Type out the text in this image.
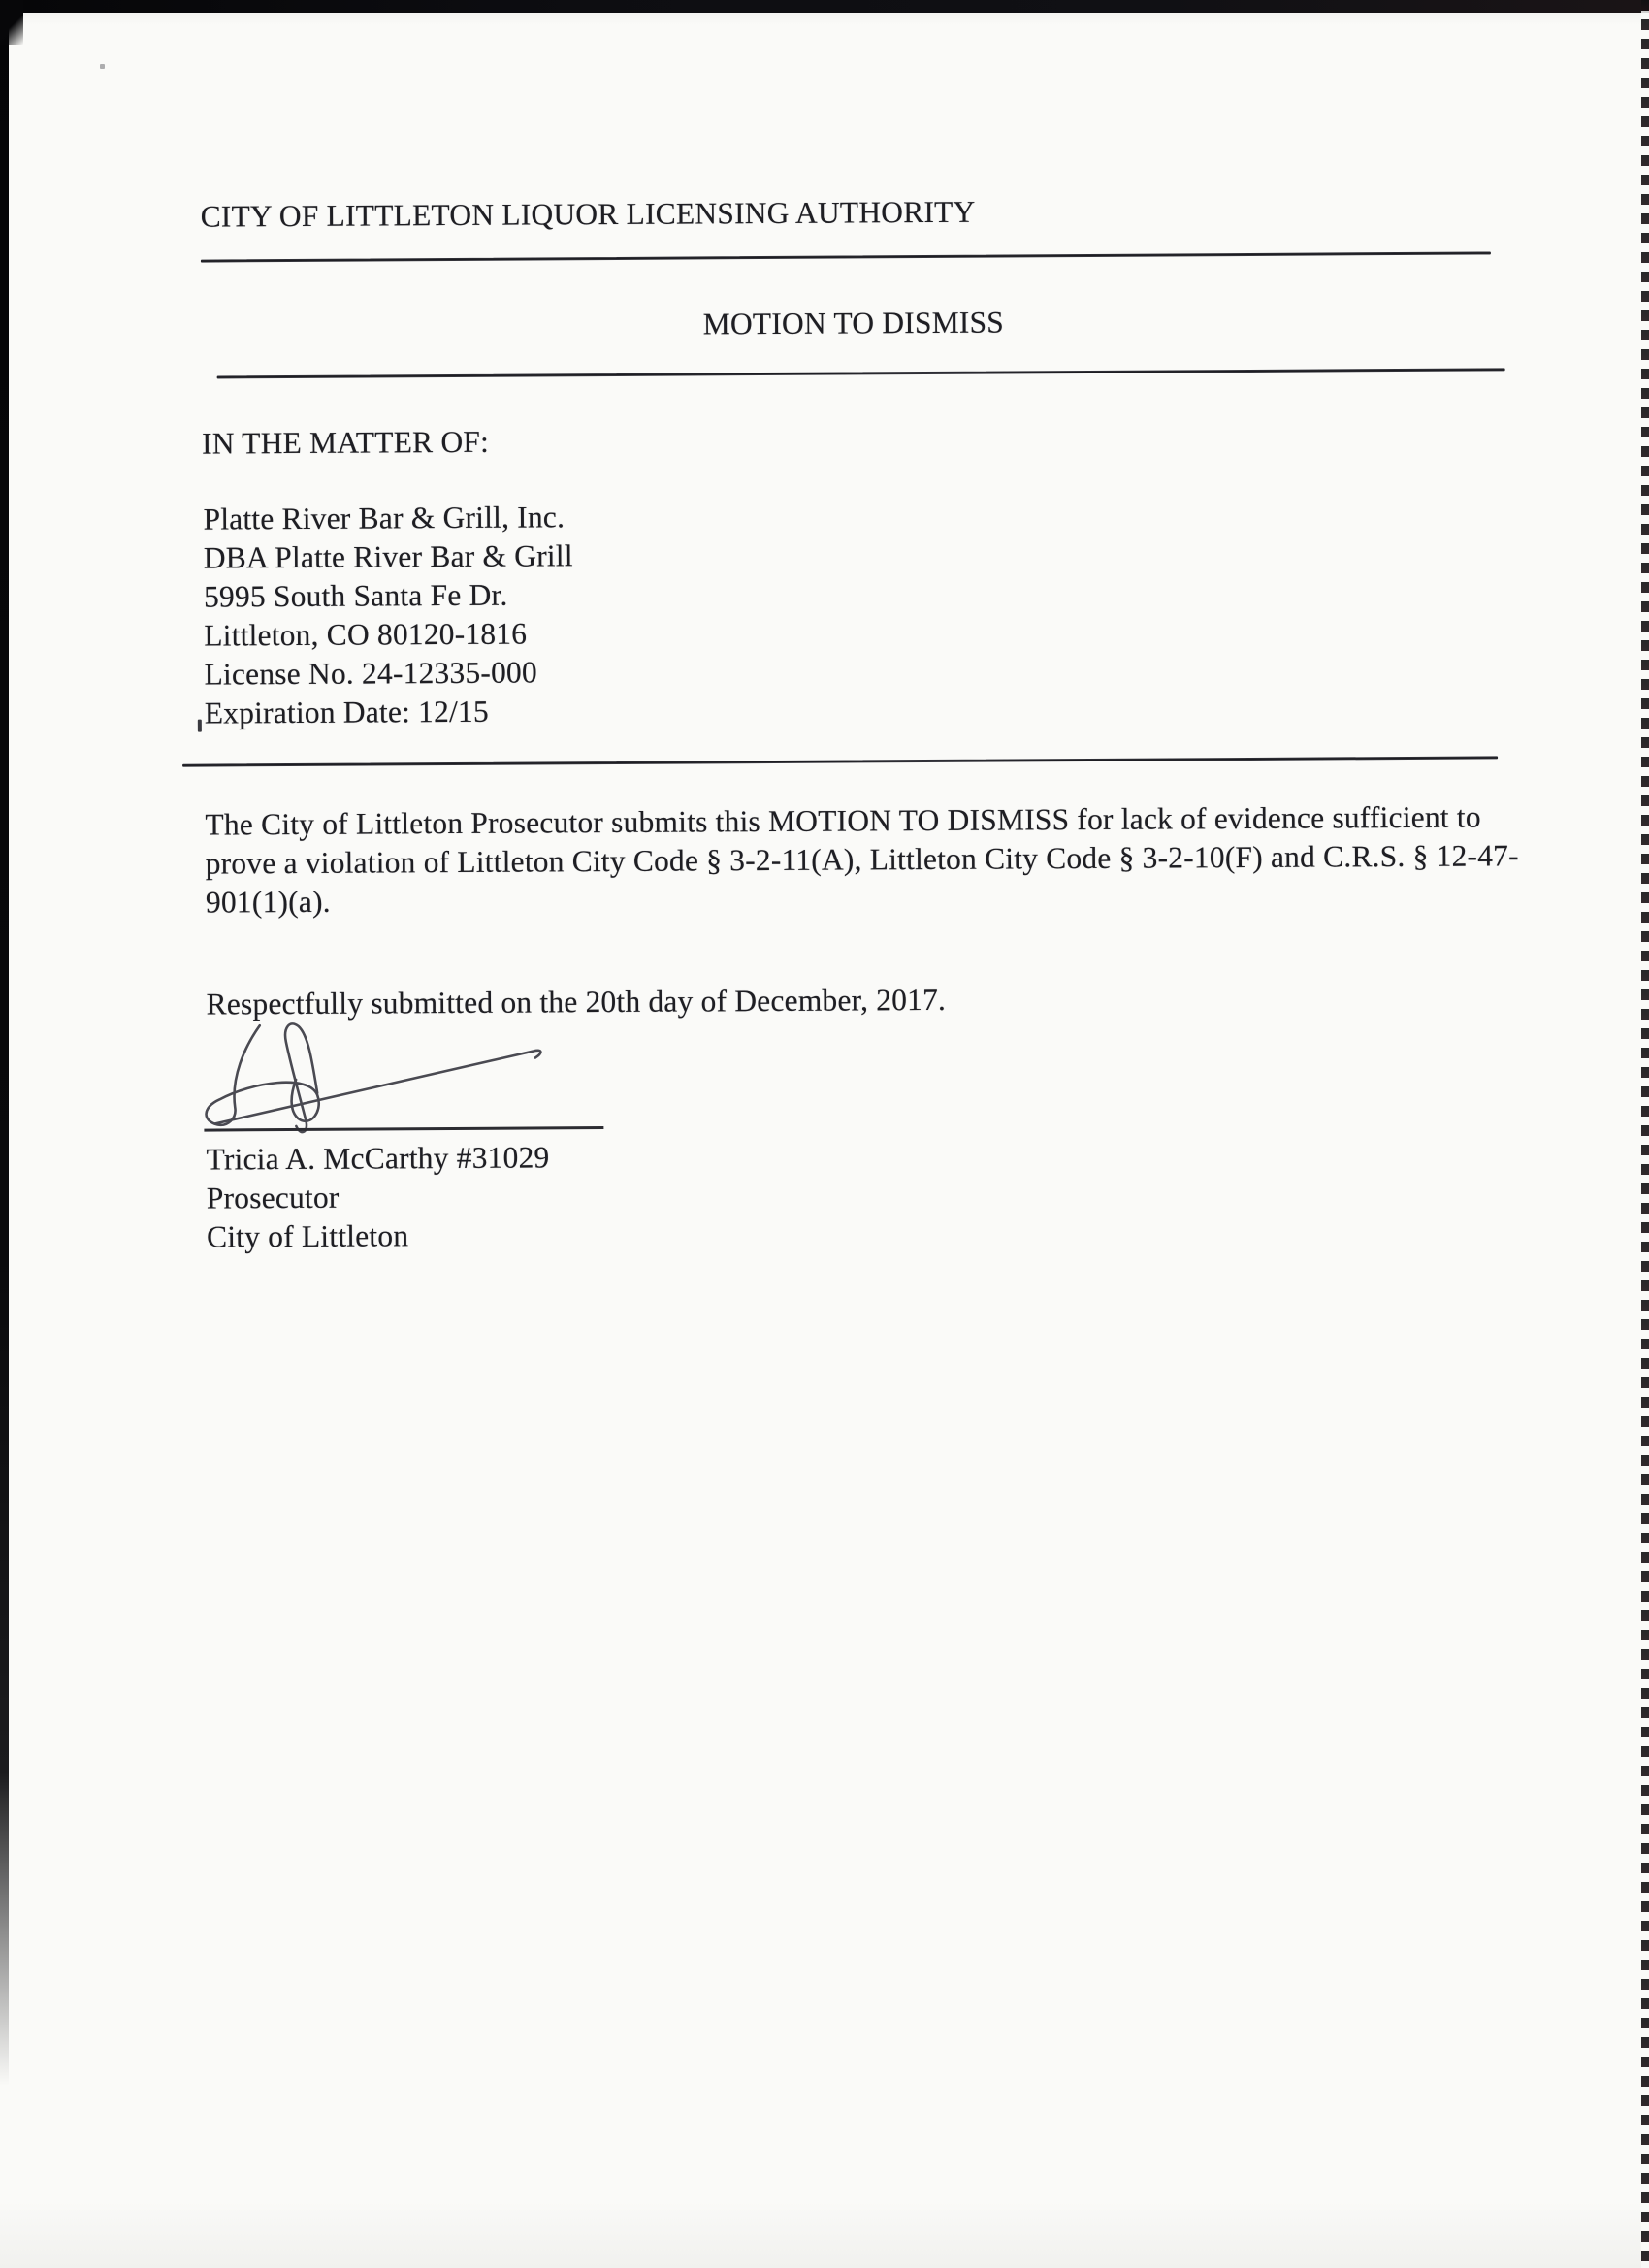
CITY OF LITTLETON LIQUOR LICENSING AUTHORITY
MOTION TO DISMISS
IN THE MATTER OF:
Platte River Bar & Grill, Inc.
DBA Platte River Bar & Grill
5995 South Santa Fe Dr.
Littleton, CO 80120-1816
License No. 24-12335-000
Expiration Date: 12/15
The City of Littleton Prosecutor submits this MOTION TO DISMISS for lack of evidence sufficient to prove a violation of Littleton City Code § 3-2-11(A), Littleton City Code § 3-2-10(F) and C.R.S. § 12-47-901(1)(a).
Respectfully submitted on the 20th day of December, 2017.
Tricia A. McCarthy #31029
Prosecutor
City of Littleton
